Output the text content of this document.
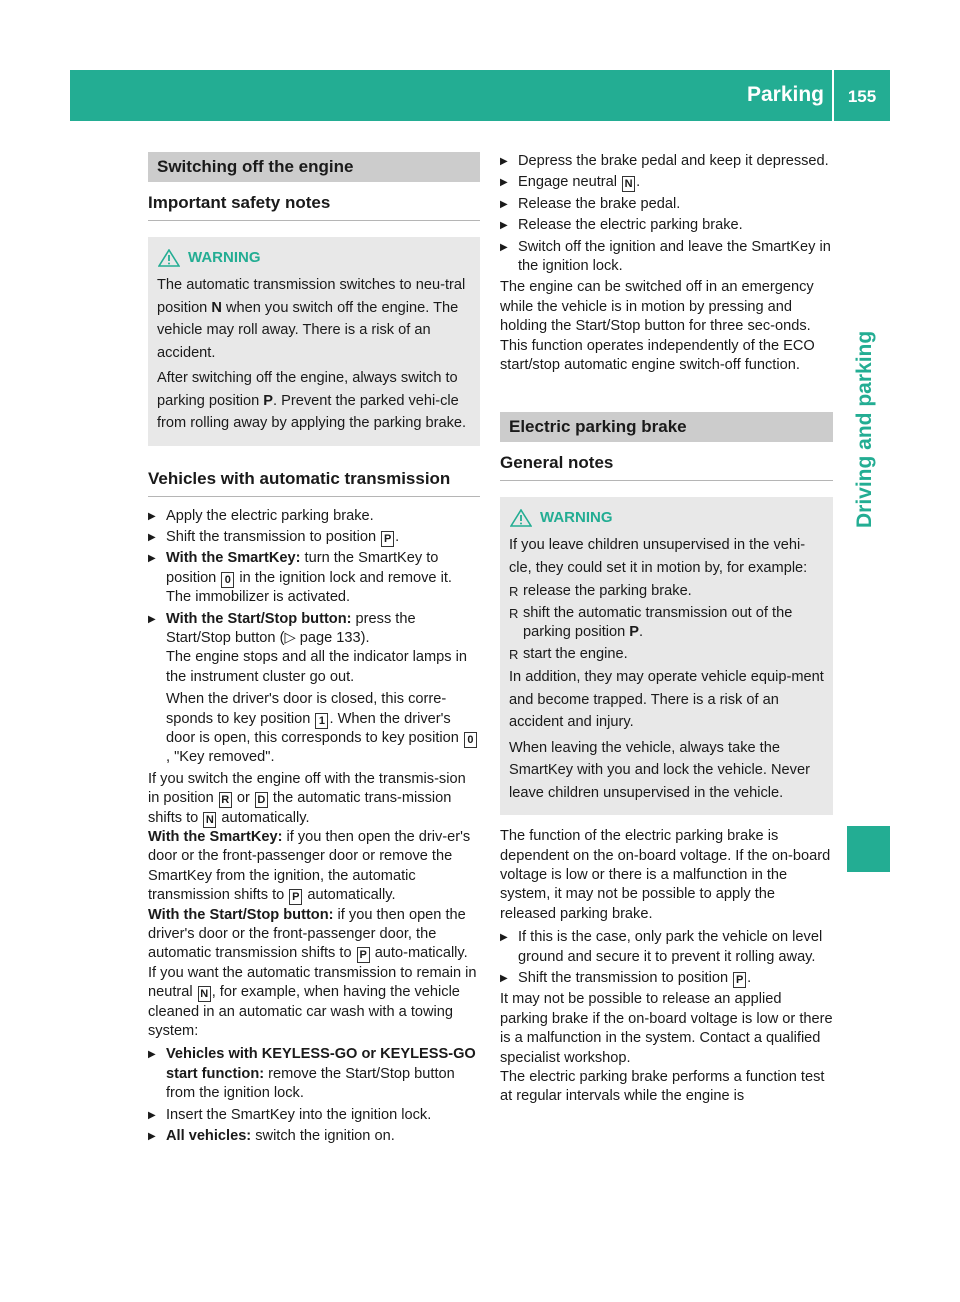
Parking	155
Driving and parking
Switching off the engine
Important safety notes
WARNING

The automatic transmission switches to neu-tral position N when you switch off the engine. The vehicle may roll away. There is a risk of an accident.

After switching off the engine, always switch to parking position P. Prevent the parked vehi-cle from rolling away by applying the parking brake.

Vehicles with automatic transmission
▶ Apply the electric parking brake.

▶ Shift the transmission to position P .

▶ With the SmartKey: turn the SmartKey to position 0 in the ignition lock and remove it. The immobilizer is activated.

▶ With the Start/Stop button: press the Start/Stop button (▷ page 133).

The engine stops and all the indicator lamps in the instrument cluster go out.

When the driver's door is closed, this corre-sponds to key position 1 . When the driver's door is open, this corresponds to key position 0, "Key removed".

If you switch the engine off with the transmis-sion in position R or D the automatic trans-mission shifts to N automatically.

With the SmartKey: if you then open the driv-er's door or the front-passenger door or remove the SmartKey from the ignition, the automatic transmission shifts to P automatically.

With the Start/Stop button: if you then open the driver's door or the front-passenger door, the automatic transmission shifts to P auto-matically.

If you want the automatic transmission to remain in neutral N , for example, when having the vehicle cleaned in an automatic car wash with a towing system:

▶ Vehicles with KEYLESS-GO or KEYLESS-GO start function: remove the Start/Stop button from the ignition lock.

▶ Insert the SmartKey into the ignition lock.

▶ All vehicles: switch the ignition on.

▶ Depress the brake pedal and keep it depressed.

▶ Engage neutral N .

▶ Release the brake pedal.

▶ Release the electric parking brake.

▶ Switch off the ignition and leave the SmartKey in the ignition lock.

The engine can be switched off in an emergency while the vehicle is in motion by pressing and holding the Start/Stop button for three sec-onds. This function operates independently of the ECO start/stop automatic engine switch-off function.

Electric parking brake
General notes
WARNING

If you leave children unsupervised in the vehi-cle, they could set it in motion by, for example:

R release the parking brake.
R shift the automatic transmission out of the parking position P.
R start the engine.

In addition, they may operate vehicle equip-ment and become trapped. There is a risk of an accident and injury.

When leaving the vehicle, always take the SmartKey with you and lock the vehicle. Never leave children unsupervised in the vehicle.

The function of the electric parking brake is dependent on the on-board voltage. If the on-board voltage is low or there is a malfunction in the system, it may not be possible to apply the released parking brake.

▶ If this is the case, only park the vehicle on level ground and secure it to prevent it rolling away.

▶ Shift the transmission to position P .

It may not be possible to release an applied parking brake if the on-board voltage is low or there is a malfunction in the system. Contact a qualified specialist workshop.

The electric parking brake performs a function test at regular intervals while the engine is
